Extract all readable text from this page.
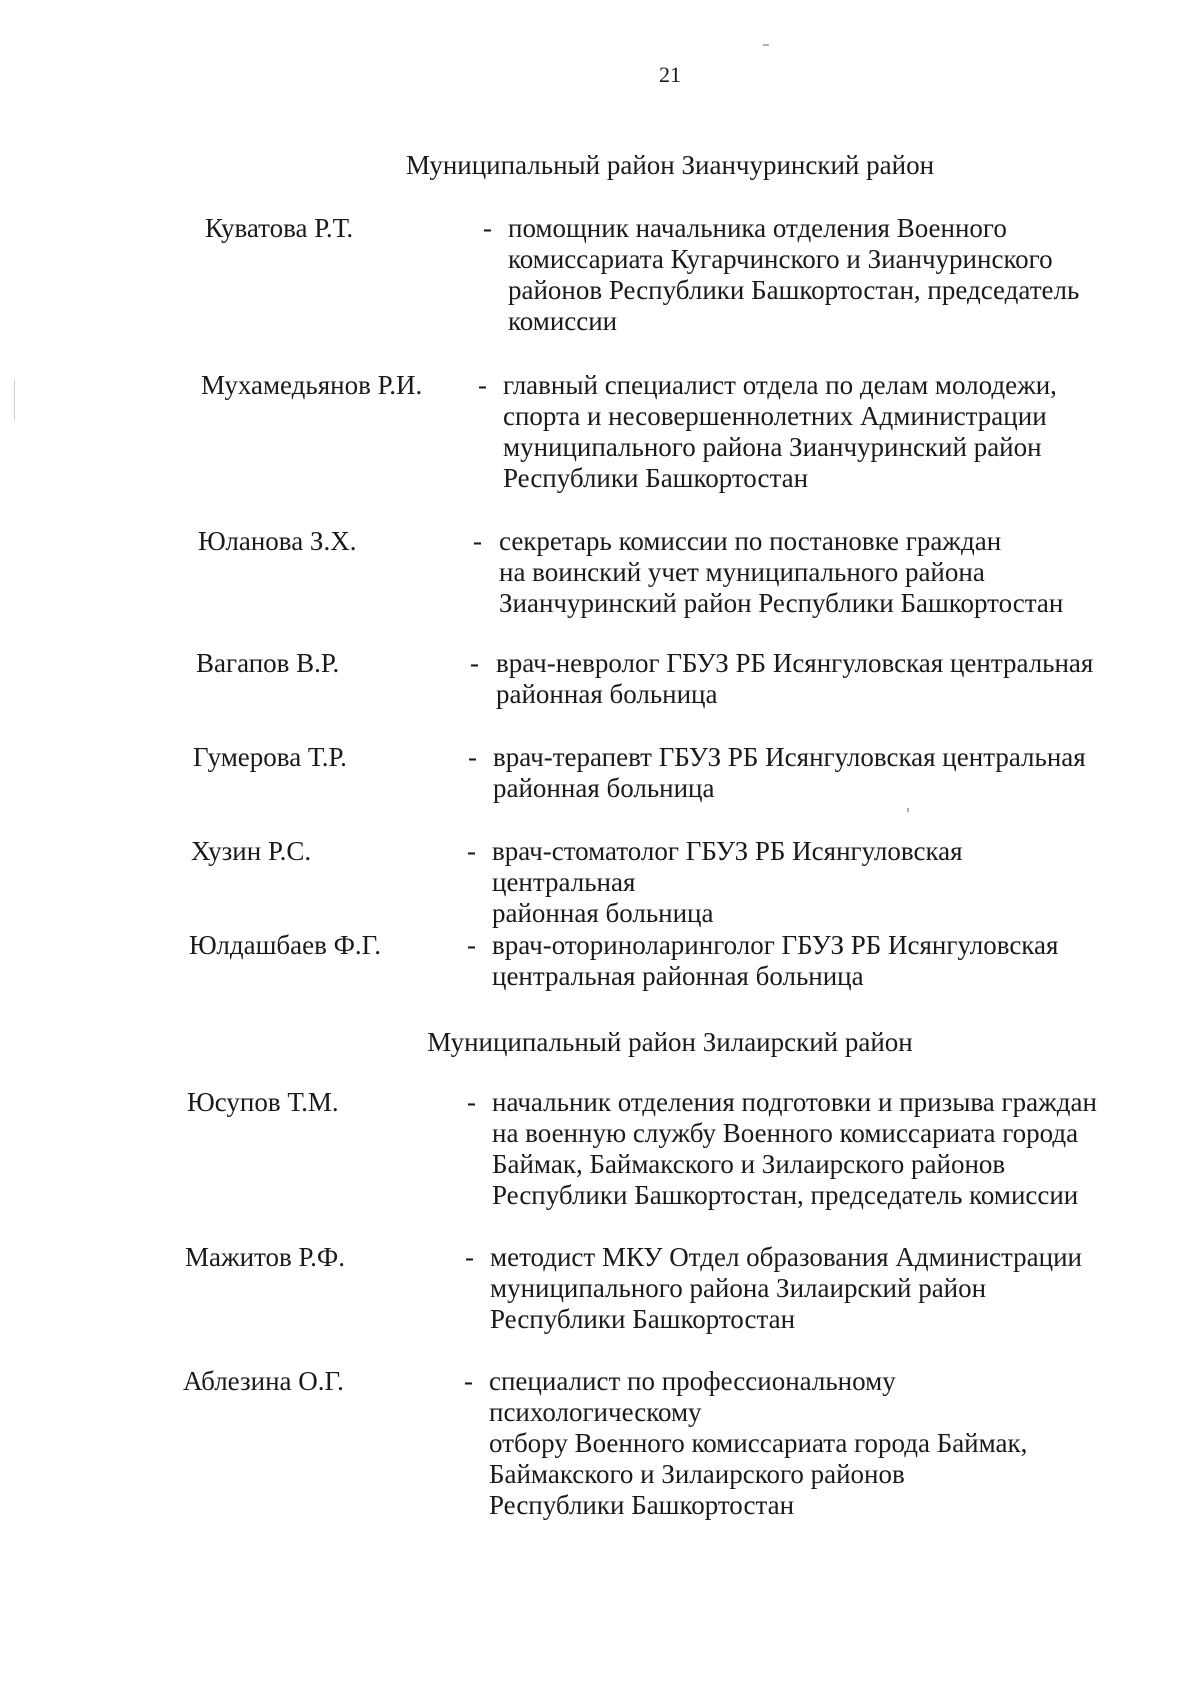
21
Муниципальный район Зианчуринский район
Куватова Р.Т.	- помощник начальника отделения Военного
комиссариата Кугарчинского и Зианчуринского
районов Республики Башкортостан, председатель
комиссии
Мухамедьянов Р.И. - главный специалист отдела по делам молодежи,
спорта и несовершеннолетних Администрации
муниципального района Зианчуринский район
Республики Башкортостан
Юланова З.Х.	- секретарь комиссии по постановке граждан
на воинский учет муниципального района
Зианчуринский район Республики Башкортостан
Вагапов В.Р.	- врач-невролог ГБУЗ РБ Исянгуловская центральная
районная больница
Гумерова Т.Р.	- врач-терапевт ГБУЗ РБ Исянгуловская центральная
районная больница
Хузин Р.С.	- врач-стоматолог ГБУЗ РБ Исянгуловская центральная
районная больница
Юлдашбаев Ф.Г.	- врач-оториноларинголог ГБУЗ РБ Исянгуловская
центральная районная больница
Муниципальный район Зилаирский район
Юсупов Т.М.	- начальник отделения подготовки и призыва граждан
на военную службу Военного комиссариата города
Баймак, Баймакского и Зилаирского районов
Республики Башкортостан, председатель комиссии
Мажитов Р.Ф.	- методист МКУ Отдел образования Администрации
муниципального района Зилаирский район
Республики Башкортостан
Аблезина О.Г.	- специалист по профессиональному психологическому
отбору Военного комиссариата города Баймак,
Баймакского и Зилаирского районов
Республики Башкортостан
